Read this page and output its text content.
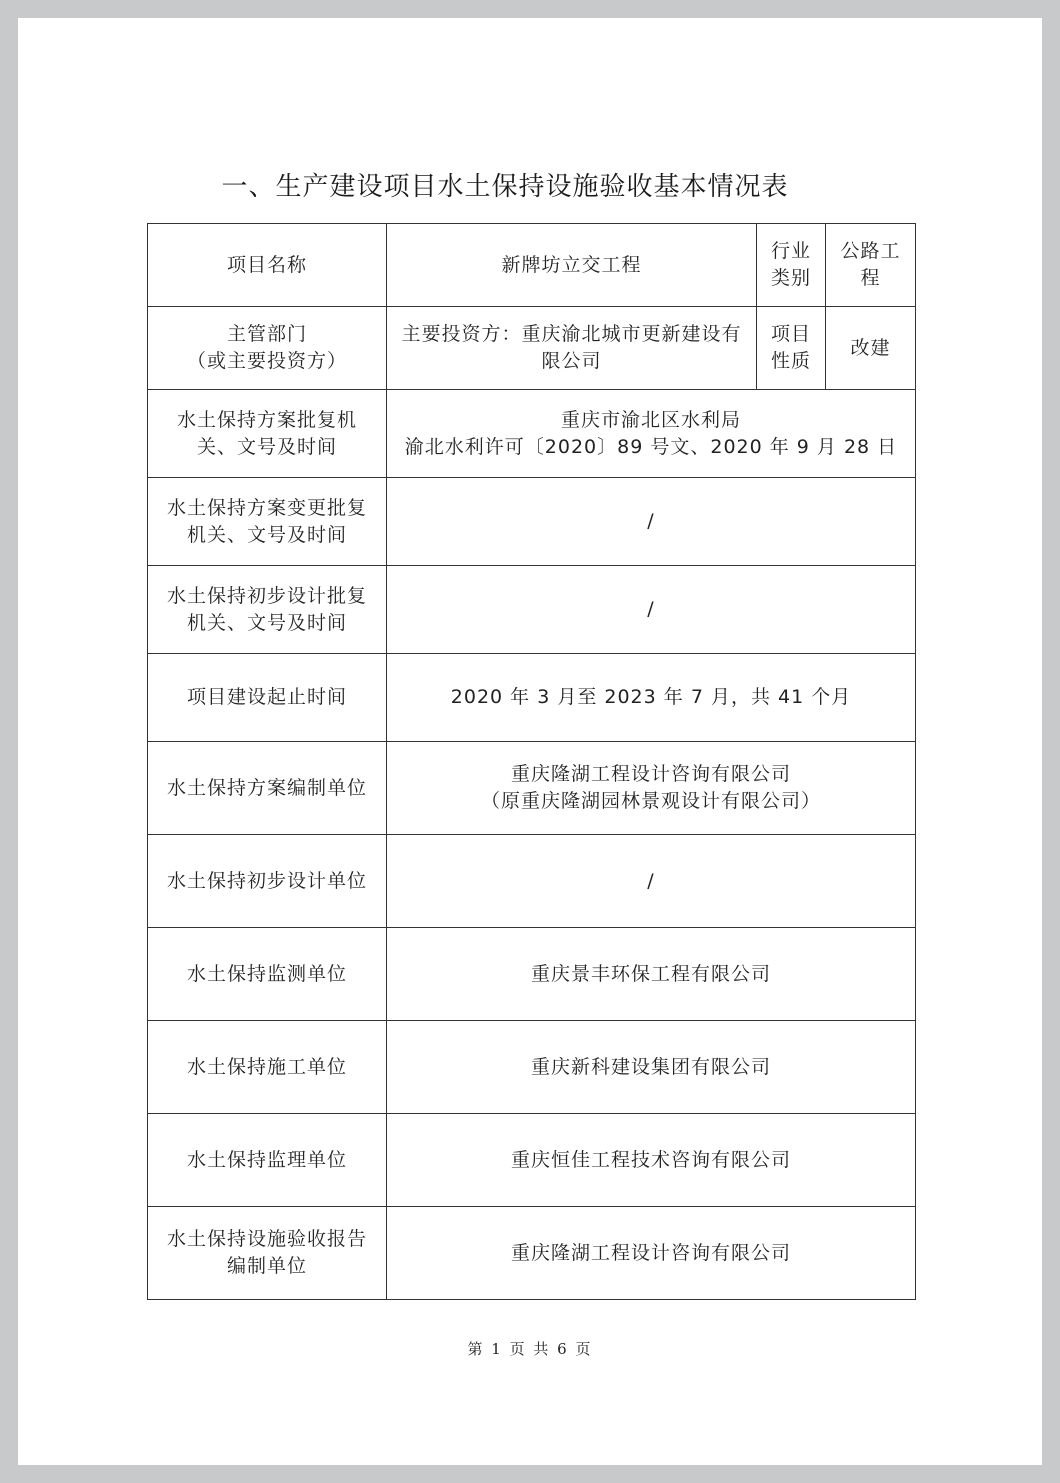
一、生产建设项目水土保持设施验收基本情况表
项目名称	新牌坊立交工程	行业类别	公路工程

主管部门
（或主要投资方）	主要投资方：重庆渝北城市更新建设有限公司	项目性质	改建
水土保持方案批复机关、文号及时间	重庆市渝北区水利局
渝北水利许可〔2020〕89 号文、2020 年 9 月 28 日		

水土保持方案变更批复机关、文号及时间	/		
水土保持初步设计批复机关、文号及时间	/		
项目建设起止时间	2020 年 3 月至 2023 年 7 月，共 41 个月		
水土保持方案编制单位	重庆隆湖工程设计咨询有限公司
（原重庆隆湖园林景观设计有限公司）		

水土保持初步设计单位	/		
水土保持监测单位	重庆景丰环保工程有限公司		
水土保持施工单位	重庆新科建设集团有限公司		
水土保持监理单位	重庆恒佳工程技术咨询有限公司		
水土保持设施验收报告编制单位	重庆隆湖工程设计咨询有限公司		
第 1 页 共 6 页
